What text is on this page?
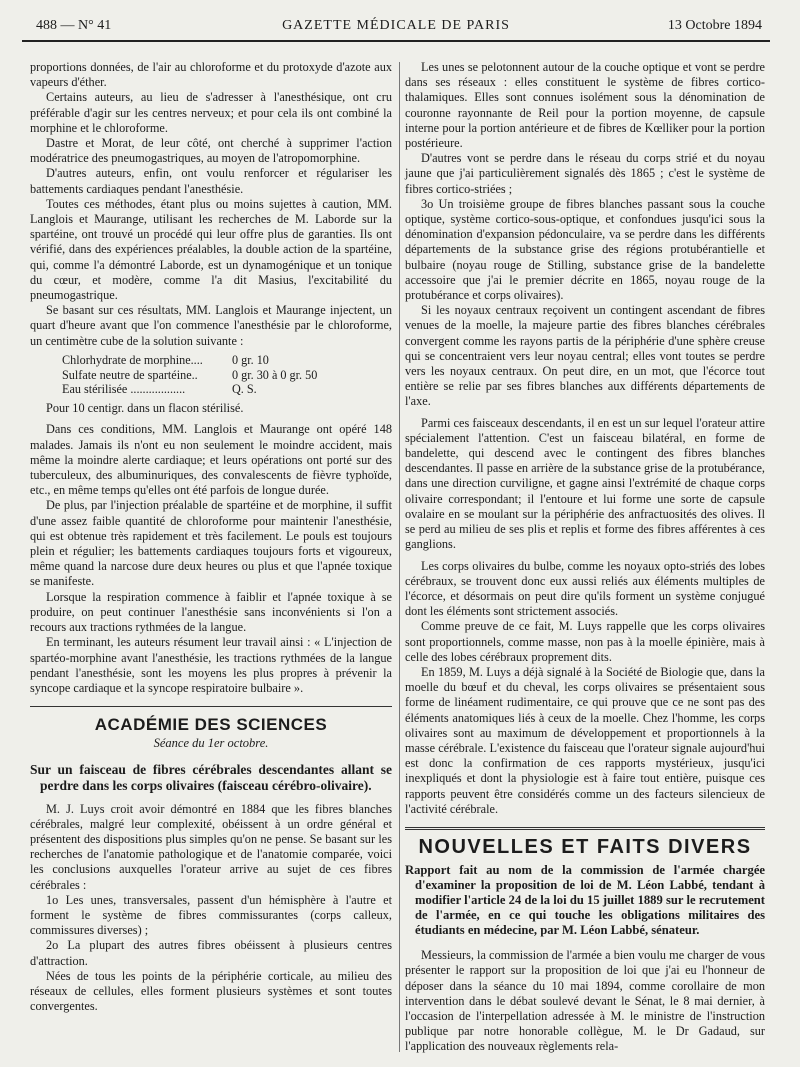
488 — N° 41	GAZETTE MÉDICALE DE PARIS	13 Octobre 1894

proportions données, de l'air au chloroforme et du protoxyde d'azote aux vapeurs d'éther.

Certains auteurs, au lieu de s'adresser à l'anesthésique, ont cru préférable d'agir sur les centres nerveux; et pour cela ils ont combiné la morphine et le chloroforme.

Dastre et Morat, de leur côté, ont cherché à supprimer l'action modératrice des pneumogastriques, au moyen de l'atropomorphine.

D'autres auteurs, enfin, ont voulu renforcer et régulariser les battements cardiaques pendant l'anesthésie.

Toutes ces méthodes, étant plus ou moins sujettes à caution, MM. Langlois et Maurange, utilisant les recherches de M. Laborde sur la spartéine, ont trouvé un procédé qui leur offre plus de garanties. Ils ont vérifié, dans des expériences préalables, la double action de la spartéine, qui, comme l'a démontré Laborde, est un dynamogénique et un tonique du cœur, et modère, comme l'a dit Masius, l'excitabilité du pneumogastrique.

Se basant sur ces résultats, MM. Langlois et Maurange injectent, un quart d'heure avant que l'on commence l'anesthésie par le chloroforme, un centimètre cube de la solution suivante :

Chlorhydrate de morphine....	0 gr. 10
Sulfate neutre de spartéine..	0 gr. 30 à 0 gr. 50
Eau stérilisée ..................	Q. S.

Pour 10 centigr. dans un flacon stérilisé.

Dans ces conditions, MM. Langlois et Maurange ont opéré 148 malades. Jamais ils n'ont eu non seulement le moindre accident, mais même la moindre alerte cardiaque; et leurs opérations ont porté sur des tuberculeux, des albuminuriques, des convalescents de fièvre typhoïde, etc., en même temps qu'elles ont été parfois de longue durée.

De plus, par l'injection préalable de spartéine et de morphine, il suffit d'une assez faible quantité de chloroforme pour maintenir l'anesthésie, qui est obtenue très rapidement et très facilement. Le pouls est toujours plein et régulier; les battements cardiaques toujours forts et vigoureux, même quand la narcose dure deux heures ou plus et que l'apnée toxique se manifeste.

Lorsque la respiration commence à faiblir et l'apnée toxique à se produire, on peut continuer l'anesthésie sans inconvénients si l'on a recours aux tractions rythmées de la langue.

En terminant, les auteurs résument leur travail ainsi : « L'injection de spartéo-morphine avant l'anesthésie, les tractions rythmées de la langue pendant l'anesthésie, sont les moyens les plus propres à prévenir la syncope cardiaque et la syncope respiratoire bulbaire ».

ACADÉMIE DES SCIENCES
Séance du 1er octobre.
Sur un faisceau de fibres cérébrales descendantes allant se perdre dans les corps olivaires (faisceau cérébro-olivaire).

M. J. Luys croit avoir démontré en 1884 que les fibres blanches cérébrales, malgré leur complexité, obéissent à un ordre général et présentent des dispositions plus simples qu'on ne pense. Se basant sur les recherches de l'anatomie pathologique et de l'anatomie comparée, voici les conclusions auxquelles l'orateur arrive au sujet de ces fibres cérébrales :

1o Les unes, transversales, passent d'un hémisphère à l'autre et forment le système de fibres commissurantes (corps calleux, commissures diverses) ;

2o La plupart des autres fibres obéissent à plusieurs centres d'attraction.

Nées de tous les points de la périphérie corticale, au milieu des réseaux de cellules, elles forment plusieurs systèmes et sont toutes convergentes.

Les unes se pelotonnent autour de la couche optique et vont se perdre dans ses réseaux : elles constituent le système de fibres cortico-thalamiques. Elles sont connues isolément sous la dénomination de couronne rayonnante de Reil pour la portion moyenne, de capsule interne pour la portion antérieure et de fibres de Kœlliker pour la portion postérieure.

D'autres vont se perdre dans le réseau du corps strié et du noyau jaune que j'ai particulièrement signalés dès 1865 ; c'est le système de fibres cortico-striées ;

3o Un troisième groupe de fibres blanches passant sous la couche optique, système cortico-sous-optique, et confondues jusqu'ici sous la dénomination d'expansion pédonculaire, va se perdre dans les différents départements de la substance grise des régions protubérantielle et bulbaire (noyau rouge de Stilling, substance grise de la bandelette accessoire que j'ai le premier décrite en 1865, noyau rouge de la protubérance et corps olivaires).

Si les noyaux centraux reçoivent un contingent ascendant de fibres venues de la moelle, la majeure partie des fibres blanches cérébrales convergent comme les rayons partis de la périphérie d'une sphère creuse qui se concentraient vers leur noyau central; elles vont toutes se perdre vers les noyaux centraux. On peut dire, en un mot, que l'écorce tout entière se relie par ses fibres blanches aux différents départements de l'axe.

Parmi ces faisceaux descendants, il en est un sur lequel l'orateur attire spécialement l'attention. C'est un faisceau bilatéral, en forme de bandelette, qui descend avec le contingent des fibres blanches descendantes. Il passe en arrière de la substance grise de la protubérance, dans une direction curviligne, et gagne ainsi l'extrémité de chaque corps olivaire correspondant; il l'entoure et lui forme une sorte de capsule ovalaire en se moulant sur la périphérie des anfractuosités des olives. Il se perd au milieu de ses plis et replis et forme des fibres afférentes à ces ganglions.

Les corps olivaires du bulbe, comme les noyaux opto-striés des lobes cérébraux, se trouvent donc eux aussi reliés aux éléments multiples de l'écorce, et désormais on peut dire qu'ils forment un système conjugué dont les éléments sont strictement associés.

Comme preuve de ce fait, M. Luys rappelle que les corps olivaires sont proportionnels, comme masse, non pas à la moelle épinière, mais à celle des lobes cérébraux proprement dits.

En 1859, M. Luys a déjà signalé à la Société de Biologie que, dans la moelle du bœuf et du cheval, les corps olivaires se présentaient sous forme de linéament rudimentaire, ce qui prouve que ce ne sont pas des éléments anatomiques liés à ceux de la moelle. Chez l'homme, les corps olivaires sont au maximum de développement et proportionnels à la masse cérébrale. L'existence du faisceau que l'orateur signale aujourd'hui est donc la confirmation de ces rapports mystérieux, jusqu'ici inexpliqués et dont la physiologie est à faire tout entière, puisque ces rapports peuvent être considérés comme un des facteurs silencieux de l'activité cérébrale.

NOUVELLES ET FAITS DIVERS
Rapport fait au nom de la commission de l'armée chargée d'examiner la proposition de loi de M. Léon Labbé, tendant à modifier l'article 24 de la loi du 15 juillet 1889 sur le recrutement de l'armée, en ce qui touche les obligations militaires des étudiants en médecine, par M. Léon Labbé, sénateur.

Messieurs, la commission de l'armée a bien voulu me charger de vous présenter le rapport sur la proposition de loi que j'ai eu l'honneur de déposer dans la séance du 10 mai 1894, comme corollaire de mon intervention dans le débat soulevé devant le Sénat, le 8 mai dernier, à l'occasion de l'interpellation adressée à M. le ministre de l'instruction publique par notre honorable collègue, M. le Dr Gadaud, sur l'application des nouveaux règlements rela-
